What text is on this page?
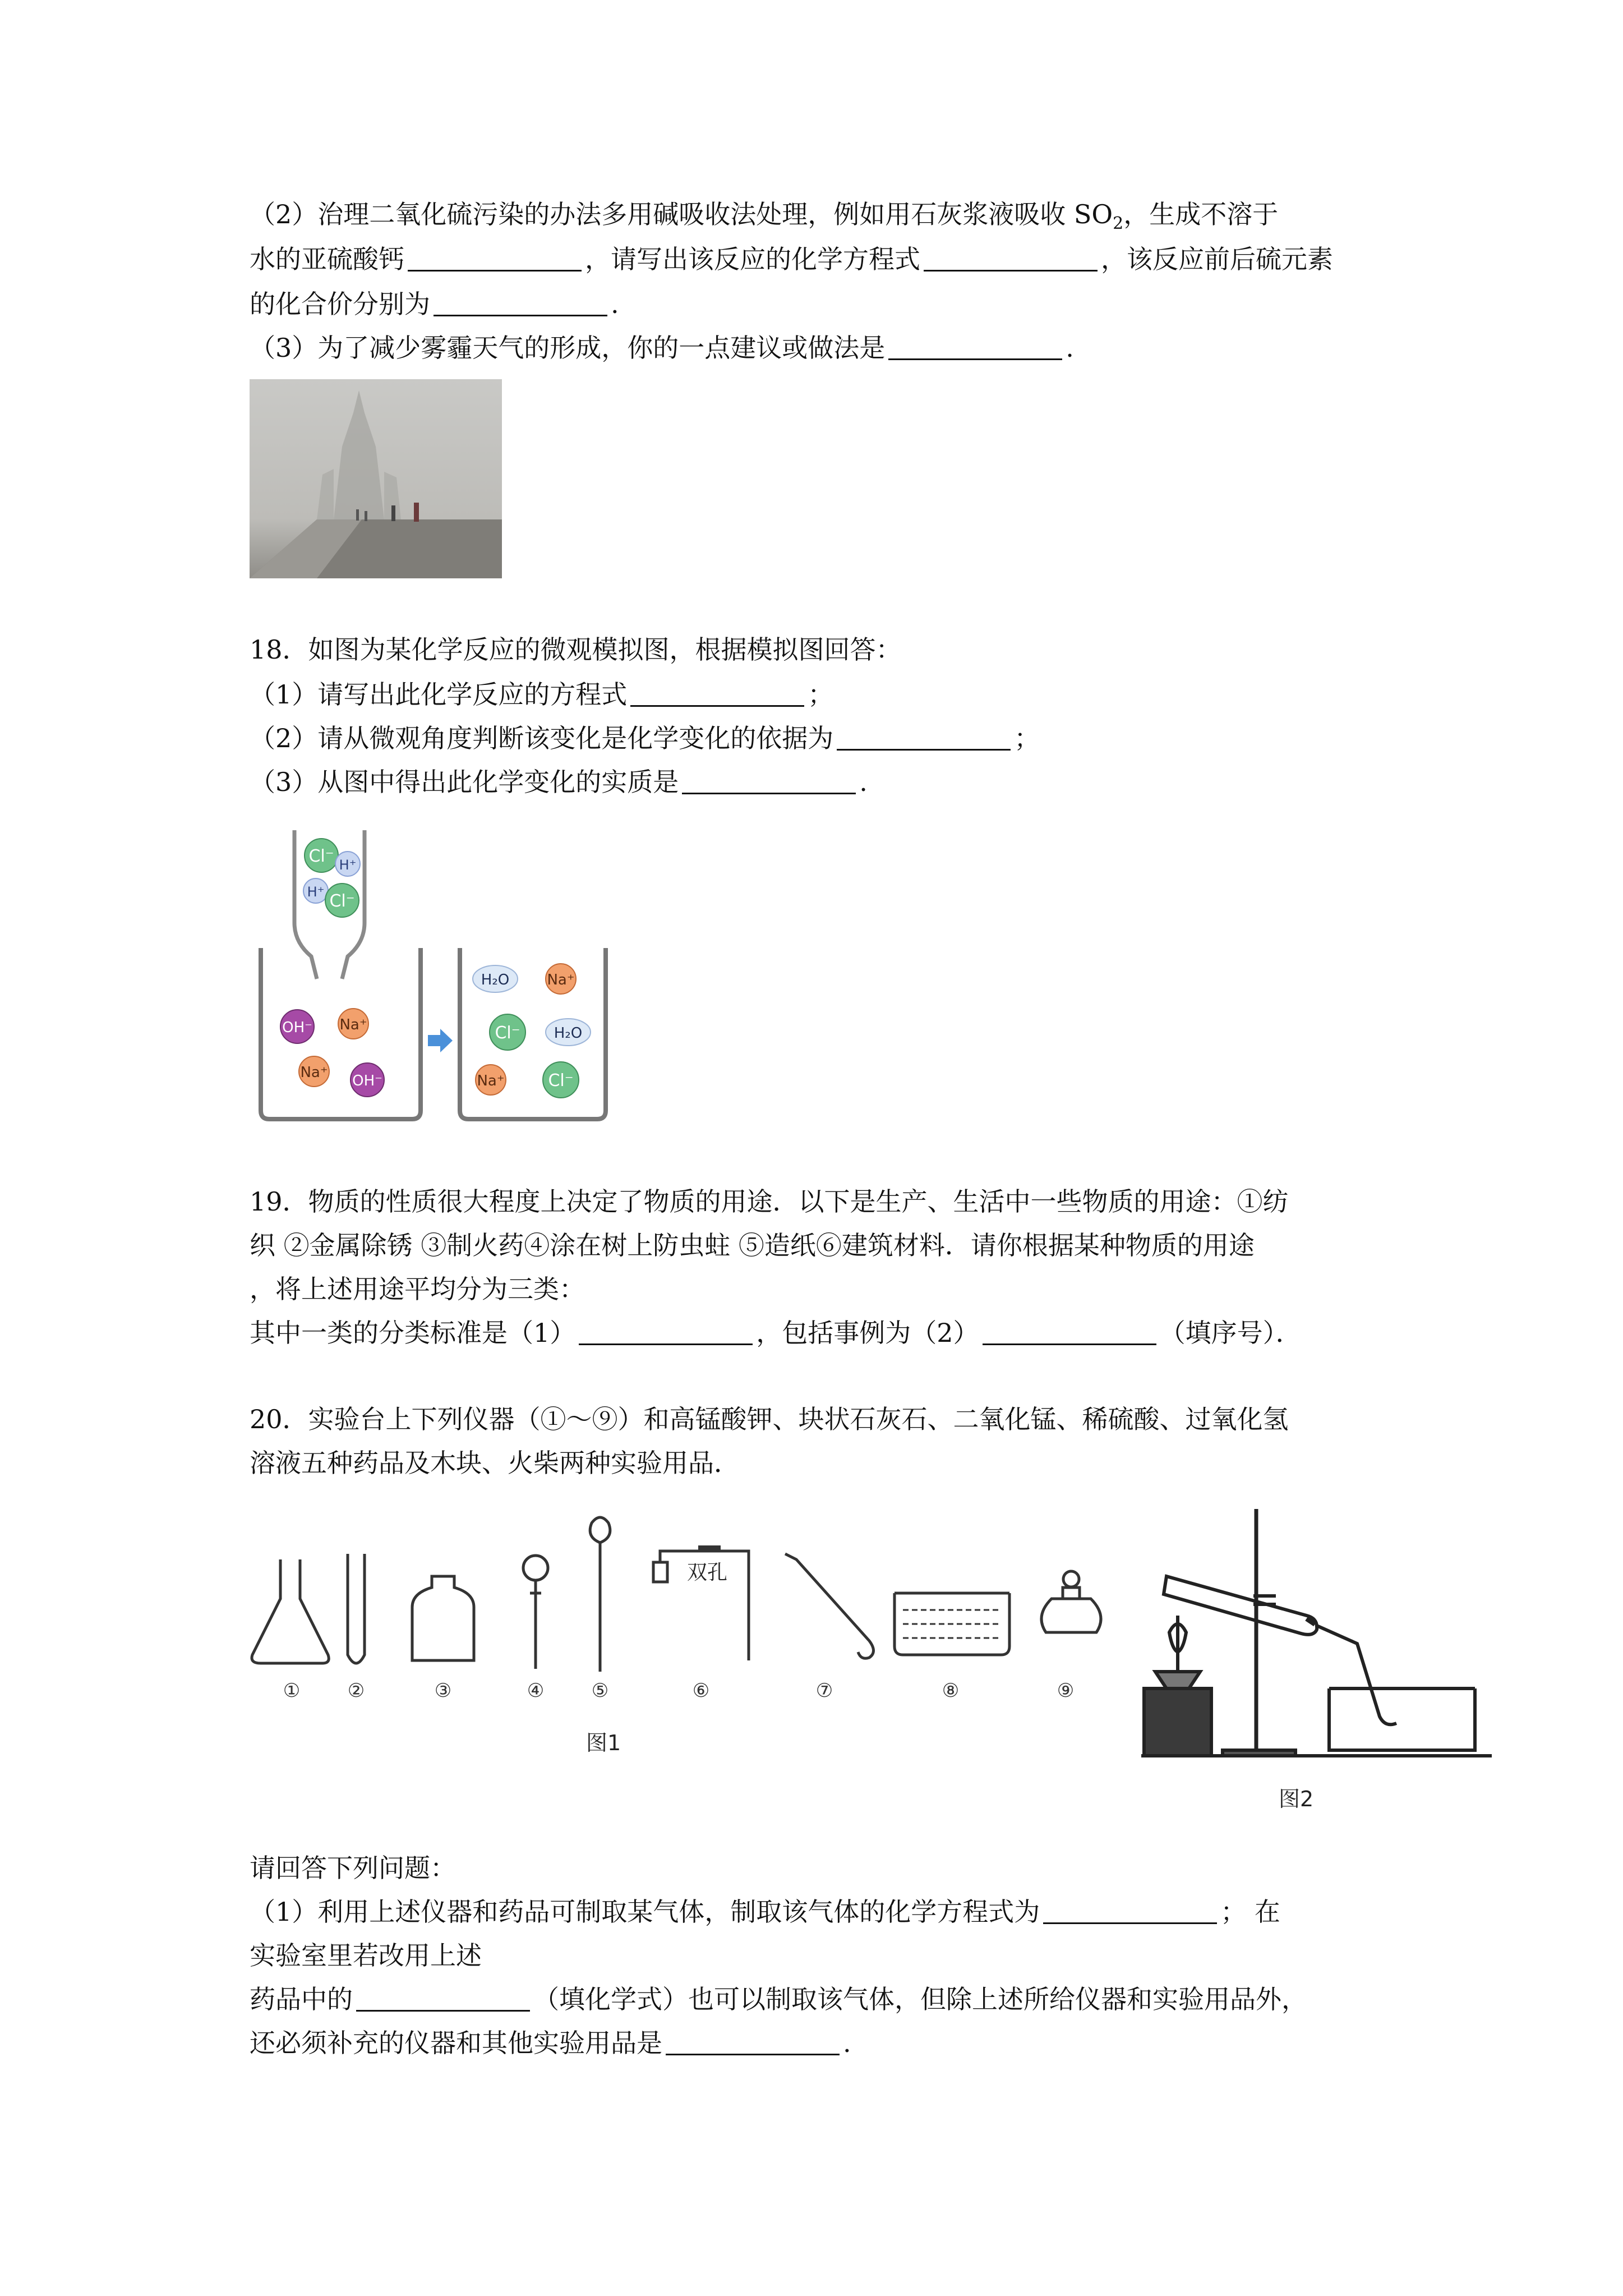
（2）治理二氧化硫污染的办法多用碱吸收法处理，例如用石灰浆液吸收 $SO_2$，生成不溶于
水的亚硫酸钙	，请写出该反应的化学方程式	，该反应前后硫元素
的化合价分别为	.
（3）为了减少雾霾天气的形成，你的一点建议或做法是	.
18．如图为某化学反应的微观模拟图，根据模拟图回答：
（1）请写出此化学反应的方程式	；
（2）请从微观角度判断该变化是化学变化的依据为	；
（3）从图中得出此化学变化的实质是	.
Cl⁻ H⁺
H⁺ Cl⁻
OH⁻ Na⁺
Na⁺ OH⁻
H₂O	Na⁺
Cl⁻ H₂O
Na⁺	Cl⁻
19．物质的性质很大程度上决定了物质的用途．以下是生产、生活中一些物质的用途：①纺
织 ②金属除锈 ③制火药④涂在树上防虫蛀 ⑤造纸⑥建筑材料．请你根据某种物质的用途
，将上述用途平均分为三类：
其中一类的分类标准是（1）	，包括事例为（2）	（填序号）．
20．实验台上下列仪器（①～⑨）和高锰酸钾、块状石灰石、二氧化锰、稀硫酸、过氧化氢
溶液五种药品及木块、火柴两种实验用品．
双孔
① ②	③	④ ⑤	⑥	⑦	⑧	⑨
图1
图2
请回答下列问题：
（1）利用上述仪器和药品可制取某气体，制取该气体的化学方程式为	； 在
实验室里若改用上述
药品中的	（填化学式）也可以制取该气体，但除上述所给仪器和实验用品外，
还必须补充的仪器和其他实验用品是	.
